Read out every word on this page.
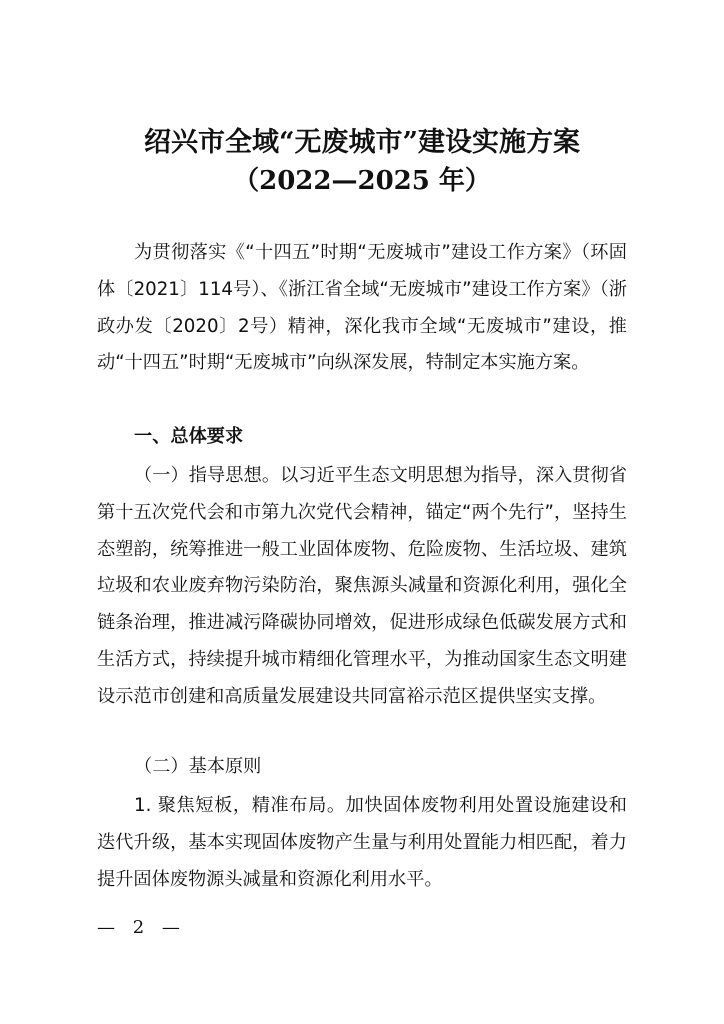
绍兴市全域“无废城市”建设实施方案
（2022—2025 年）
为贯彻落实《“十四五”时期“无废城市”建设工作方案》（环固体〔2021〕114号）、《浙江省全域“无废城市”建设工作方案》（浙政办发〔2020〕2号）精神，深化我市全域“无废城市”建设，推动“十四五”时期“无废城市”向纵深发展，特制定本实施方案。
一、总体要求
（一）指导思想。以习近平生态文明思想为指导，深入贯彻省第十五次党代会和市第九次党代会精神，锚定“两个先行”，坚持生态塑韵，统筹推进一般工业固体废物、危险废物、生活垃圾、建筑垃圾和农业废弃物污染防治，聚焦源头减量和资源化利用，强化全链条治理，推进减污降碳协同增效，促进形成绿色低碳发展方式和生活方式，持续提升城市精细化管理水平，为推动国家生态文明建设示范市创建和高质量发展建设共同富裕示范区提供坚实支撑。
（二）基本原则
1. 聚焦短板，精准布局。加快固体废物利用处置设施建设和迭代升级，基本实现固体废物产生量与利用处置能力相匹配，着力提升固体废物源头减量和资源化利用水平。
— 2 —
